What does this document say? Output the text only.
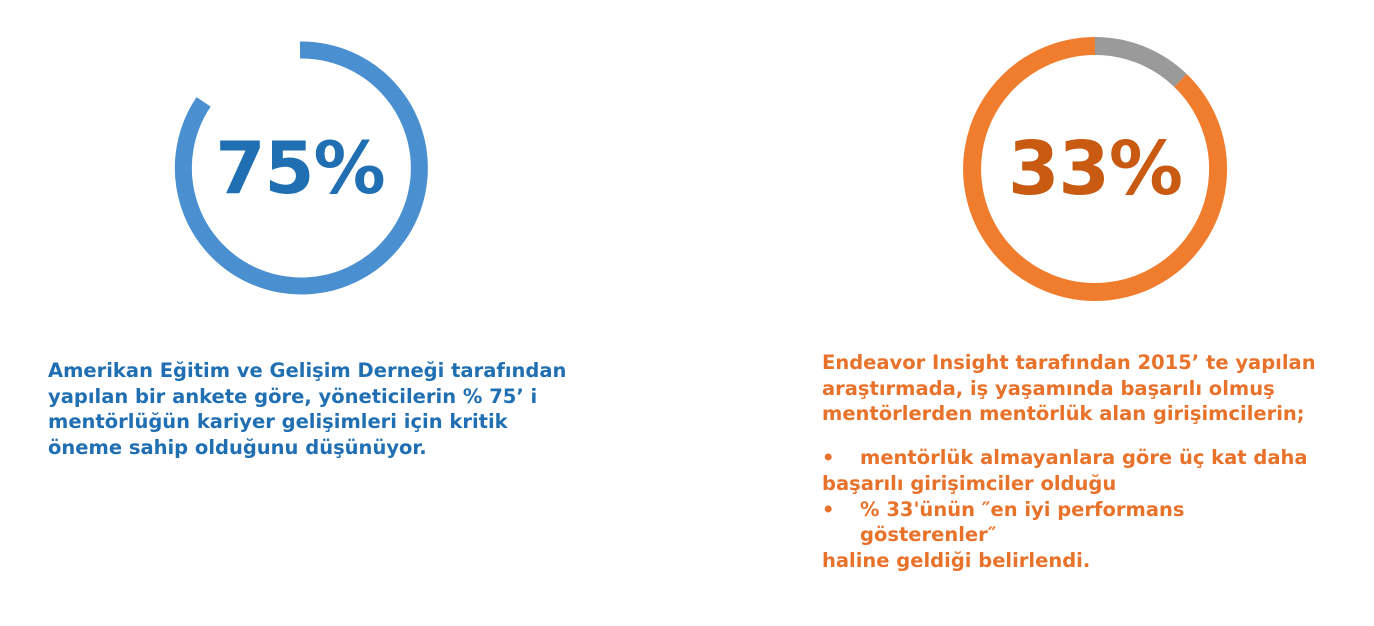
75%

Amerikan Eğitim ve Gelişim Derneği tarafından

yapılan bir ankete göre, yöneticilerin % 75’ i

mentörlüğün kariyer gelişimleri için kritik

öneme sahip olduğunu düşünüyor.

33%

Endeavor Insight tarafından 2015’ te yapılan

araştırmada, iş yaşamında başarılı olmuş

mentörlerden mentörlük alan girişimcilerin;

• mentörlük almayanlara göre üç kat daha

başarılı girişimciler olduğu

• % 33'ünün ″en iyi performans

gösterenler″

haline geldiği belirlendi.
